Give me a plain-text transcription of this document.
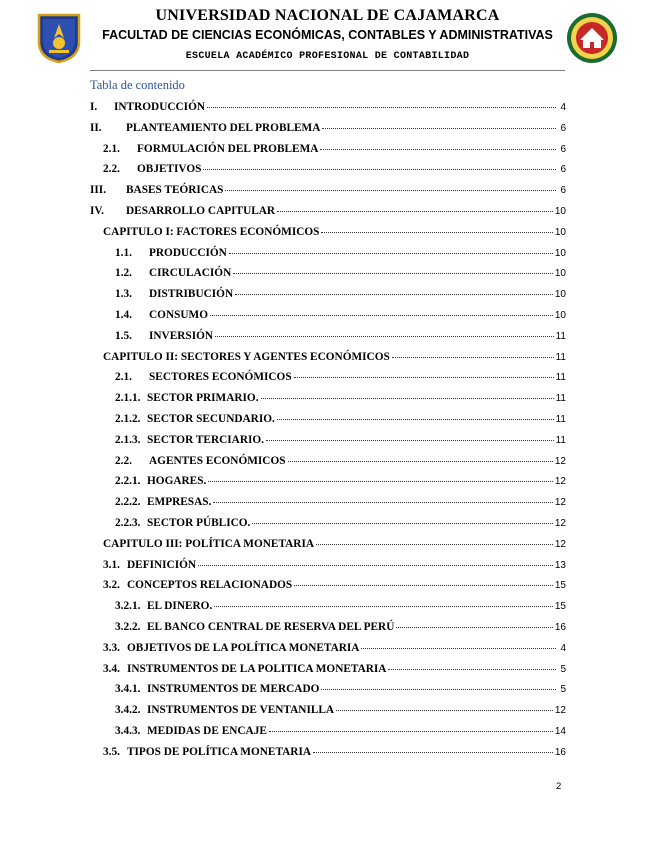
UNIVERSIDAD NACIONAL DE CAJAMARCA
FACULTAD DE CIENCIAS ECONÓMICAS, CONTABLES Y ADMINISTRATIVAS
ESCUELA ACADÉMICO PROFESIONAL DE CONTABILIDAD
Tabla de contenido
I.	INTRODUCCIÓN	4
II.	PLANTEAMIENTO DEL PROBLEMA	6
2.1.	FORMULACIÓN DEL PROBLEMA	6
2.2.	OBJETIVOS	6
III.	BASES TEÓRICAS	6
IV.	DESARROLLO CAPITULAR	10
CAPITULO I: FACTORES ECONÓMICOS	10
1.1.	PRODUCCIÓN	10
1.2.	CIRCULACIÓN	10
1.3.	DISTRIBUCIÓN	10
1.4.	CONSUMO	10
1.5.	INVERSIÓN	11
CAPITULO II: SECTORES Y AGENTES ECONÓMICOS	11
2.1.	SECTORES ECONÓMICOS	11
2.1.1. SECTOR PRIMARIO.	11
2.1.2. SECTOR SECUNDARIO.	11
2.1.3. SECTOR TERCIARIO.	11
2.2.	AGENTES ECONÓMICOS	12
2.2.1. HOGARES.	12
2.2.2. EMPRESAS.	12
2.2.3. SECTOR PÚBLICO.	12
CAPITULO III: POLÍTICA MONETARIA	12
3.1. DEFINICIÓN	13
3.2. CONCEPTOS RELACIONADOS	15
3.2.1. EL DINERO.	15
3.2.2. EL BANCO CENTRAL DE RESERVA DEL PERÚ	16
3.3. OBJETIVOS DE LA POLÍTICA MONETARIA	4
3.4. INSTRUMENTOS DE LA POLITICA MONETARIA	5
3.4.1. INSTRUMENTOS DE MERCADO	5
3.4.2. INSTRUMENTOS DE VENTANILLA	12
3.4.3. MEDIDAS DE ENCAJE	14
3.5. TIPOS DE POLÍTICA MONETARIA	16
2
